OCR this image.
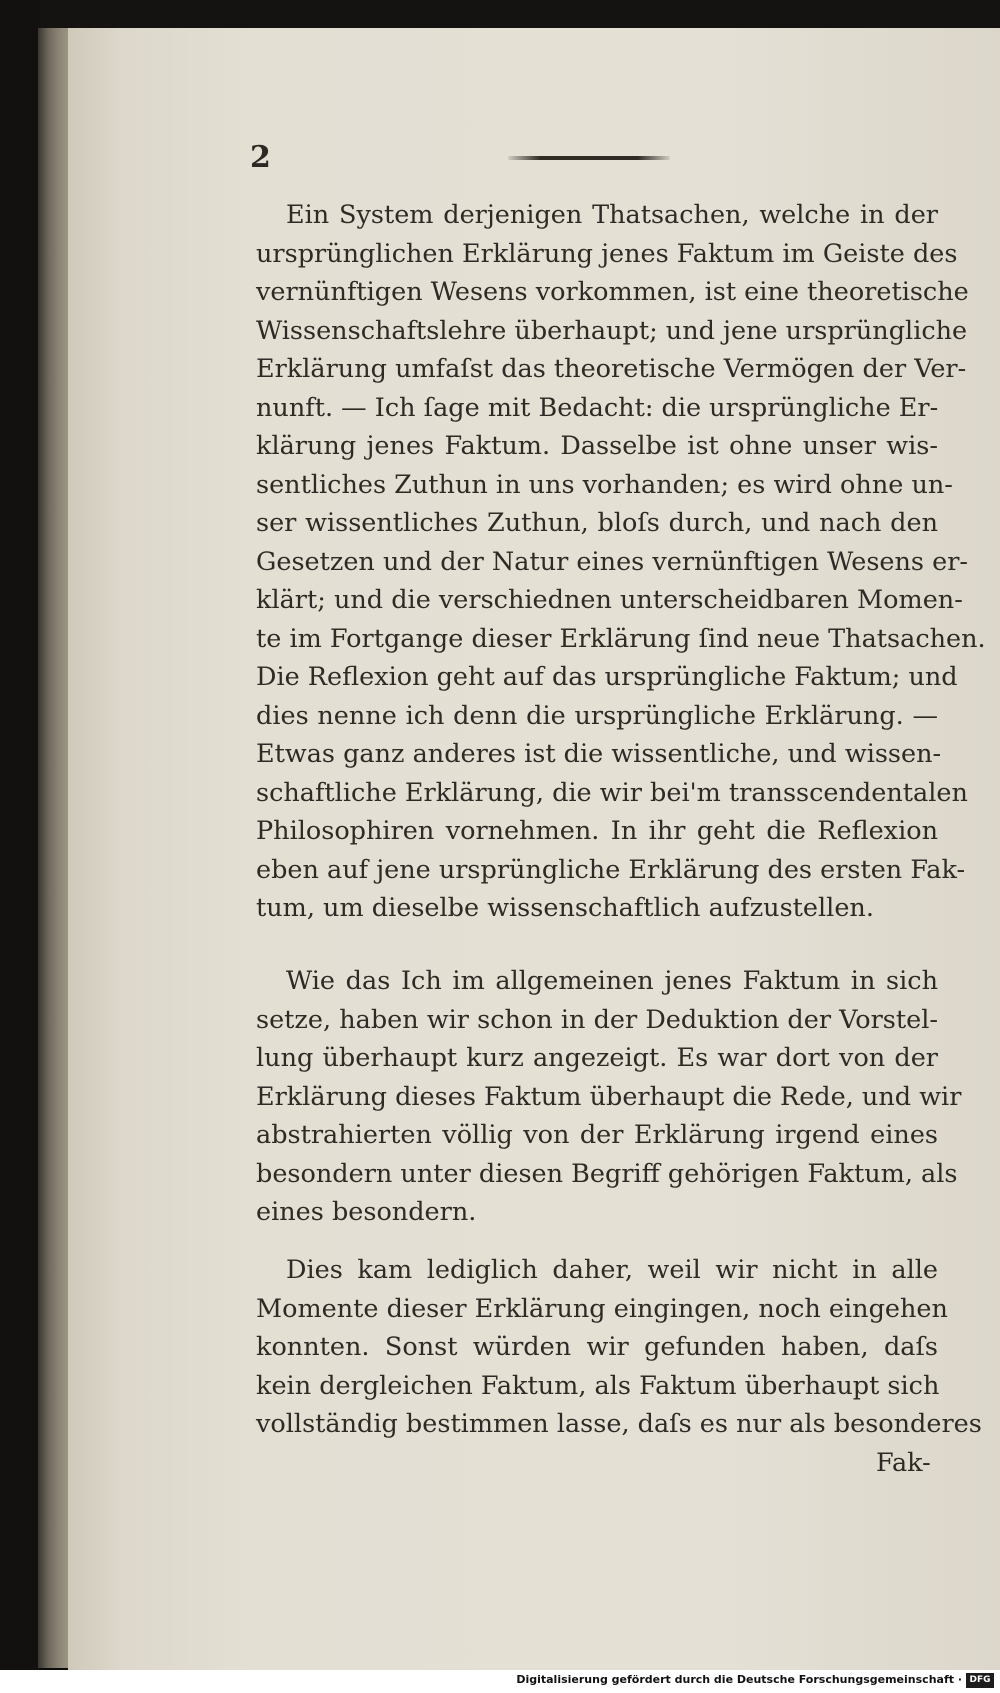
2
Ein System derjenigen Thatsachen, welche in der
ursprünglichen Erklärung jenes Faktum im Geiste des
vernünftigen Wesens vorkommen, ist eine theoretische
Wissenschaftslehre überhaupt; und jene ursprüngliche
Erklärung umfaſst das theoretische Vermögen der Ver-
nunft. — Ich ſage mit Bedacht: die ursprüngliche Er-
klärung jenes Faktum. Dasselbe ist ohne unser wis-
sentliches Zuthun in uns vorhanden; es wird ohne un-
ser wissentliches Zuthun, bloſs durch, und nach den
Gesetzen und der Natur eines vernünftigen Wesens er-
klärt; und die verschiednen unterscheidbaren Momen-
te im Fortgange dieser Erklärung ſind neue Thatsachen.
Die Reflexion geht auf das ursprüngliche Faktum; und
dies nenne ich denn die ursprüngliche Erklärung. —
Etwas ganz anderes ist die wissentliche, und wissen-
schaftliche Erklärung, die wir bei'm transscendentalen
Philosophiren vornehmen. In ihr geht die Reflexion
eben auf jene ursprüngliche Erklärung des ersten Fak-
tum, um dieselbe wissenschaftlich aufzustellen.
Wie das Ich im allgemeinen jenes Faktum in sich
setze, haben wir schon in der Deduktion der Vorstel-
lung überhaupt kurz angezeigt. Es war dort von der
Erklärung dieses Faktum überhaupt die Rede, und wir
abstrahierten völlig von der Erklärung irgend eines
besondern unter diesen Begriff gehörigen Faktum, als
eines besondern.
Dies kam lediglich daher, weil wir nicht in alle
Momente dieser Erklärung eingingen, noch eingehen
konnten. Sonst würden wir gefunden haben, daſs
kein dergleichen Faktum, als Faktum überhaupt sich
vollständig bestimmen lasse, daſs es nur als besonderes
Fak-
Digitalisierung gefördert durch die Deutsche Forschungsgemeinschaft · DFG
